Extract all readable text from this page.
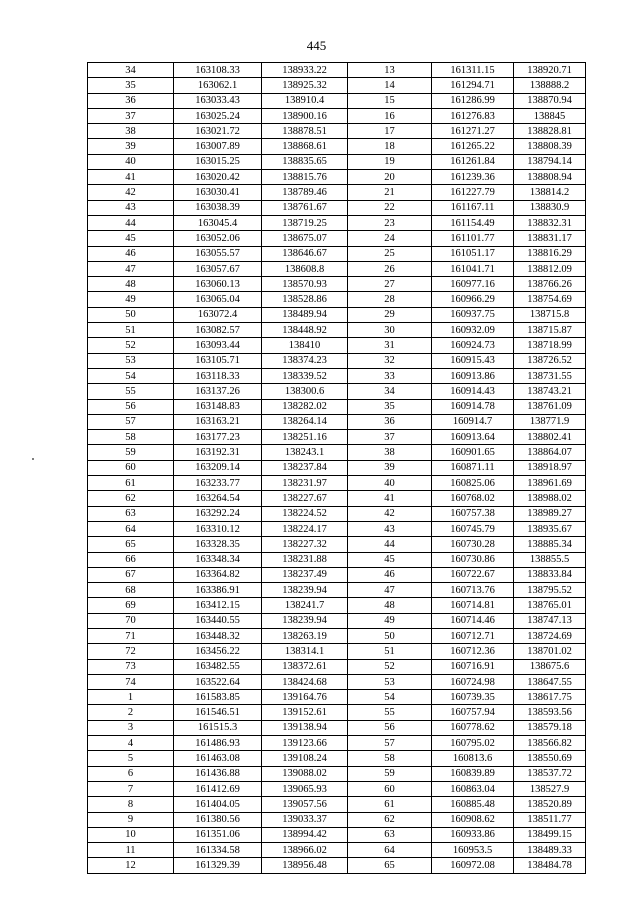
445
34	163108.33	138933.22	13	161311.15	138920.71
35	163062.1	138925.32	14	161294.71	138888.2
36	163033.43	138910.4	15	161286.99	138870.94
37	163025.24	138900.16	16	161276.83	138845
38	163021.72	138878.51	17	161271.27	138828.81
39	163007.89	138868.61	18	161265.22	138808.39
40	163015.25	138835.65	19	161261.84	138794.14
41	163020.42	138815.76	20	161239.36	138808.94
42	163030.41	138789.46	21	161227.79	138814.2
43	163038.39	138761.67	22	161167.11	138830.9
44	163045.4	138719.25	23	161154.49	138832.31
45	163052.06	138675.07	24	161101.77	138831.17
46	163055.57	138646.67	25	161051.17	138816.29
47	163057.67	138608.8	26	161041.71	138812.09
48	163060.13	138570.93	27	160977.16	138766.26
49	163065.04	138528.86	28	160966.29	138754.69
50	163072.4	138489.94	29	160937.75	138715.8
51	163082.57	138448.92	30	160932.09	138715.87
52	163093.44	138410	31	160924.73	138718.99
53	163105.71	138374.23	32	160915.43	138726.52
54	163118.33	138339.52	33	160913.86	138731.55
55	163137.26	138300.6	34	160914.43	138743.21
56	163148.83	138282.02	35	160914.78	138761.09
57	163163.21	138264.14	36	160914.7	138771.9
58	163177.23	138251.16	37	160913.64	138802.41
59	163192.31	138243.1	38	160901.65	138864.07
60	163209.14	138237.84	39	160871.11	138918.97
61	163233.77	138231.97	40	160825.06	138961.69
62	163264.54	138227.67	41	160768.02	138988.02
63	163292.24	138224.52	42	160757.38	138989.27
64	163310.12	138224.17	43	160745.79	138935.67
65	163328.35	138227.32	44	160730.28	138885.34
66	163348.34	138231.88	45	160730.86	138855.5
67	163364.82	138237.49	46	160722.67	138833.84
68	163386.91	138239.94	47	160713.76	138795.52
69	163412.15	138241.7	48	160714.81	138765.01
70	163440.55	138239.94	49	160714.46	138747.13
71	163448.32	138263.19	50	160712.71	138724.69
72	163456.22	138314.1	51	160712.36	138701.02
73	163482.55	138372.61	52	160716.91	138675.6
74	163522.64	138424.68	53	160724.98	138647.55
1	161583.85	139164.76	54	160739.35	138617.75
2	161546.51	139152.61	55	160757.94	138593.56
3	161515.3	139138.94	56	160778.62	138579.18
4	161486.93	139123.66	57	160795.02	138566.82
5	161463.08	139108.24	58	160813.6	138550.69
6	161436.88	139088.02	59	160839.89	138537.72
7	161412.69	139065.93	60	160863.04	138527.9
8	161404.05	139057.56	61	160885.48	138520.89
9	161380.56	139033.37	62	160908.62	138511.77
10	161351.06	138994.42	63	160933.86	138499.15
11	161334.58	138966.02	64	160953.5	138489.33
12	161329.39	138956.48	65	160972.08	138484.78
